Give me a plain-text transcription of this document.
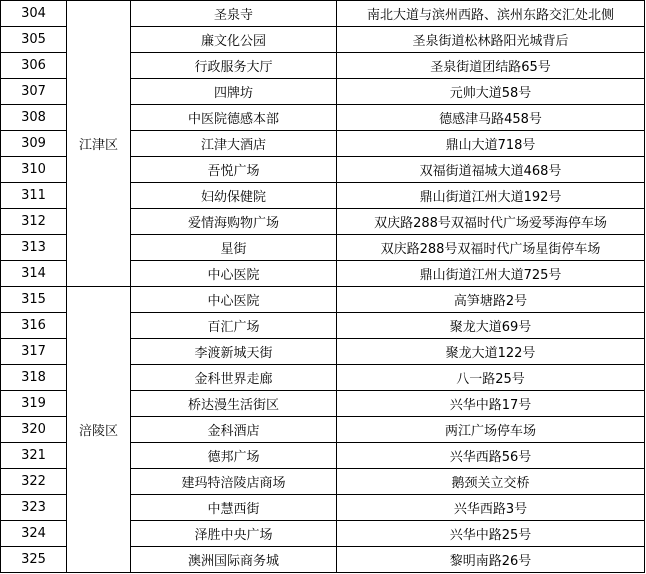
304	江津区	圣泉寺	南北大道与滨州西路、滨州东路交汇处北侧
305		廉文化公园	圣泉街道松林路阳光城背后
306		行政服务大厅	圣泉街道团结路65号
307		四牌坊	元帅大道58号
308		中医院德感本部	德感津马路458号
309		江津大酒店	鼎山大道718号
310		吾悦广场	双福街道福城大道468号
311		妇幼保健院	鼎山街道江州大道192号
312		爱情海购物广场	双庆路288号双福时代广场爱琴海停车场
313		星街	双庆路288号双福时代广场星街停车场
314		中心医院	鼎山街道江州大道725号
315	涪陵区	中心医院	高笋塘路2号
316		百汇广场	聚龙大道69号
317		李渡新城天街	聚龙大道122号
318		金科世界走廊	八一路25号
319		桥达漫生活街区	兴华中路17号
320		金科酒店	两江广场停车场
321		德邦广场	兴华西路56号
322		建玛特涪陵店商场	鹅颈关立交桥
323		中慧西街	兴华西路3号
324		泽胜中央广场	兴华中路25号
325		澳洲国际商务城	黎明南路26号
